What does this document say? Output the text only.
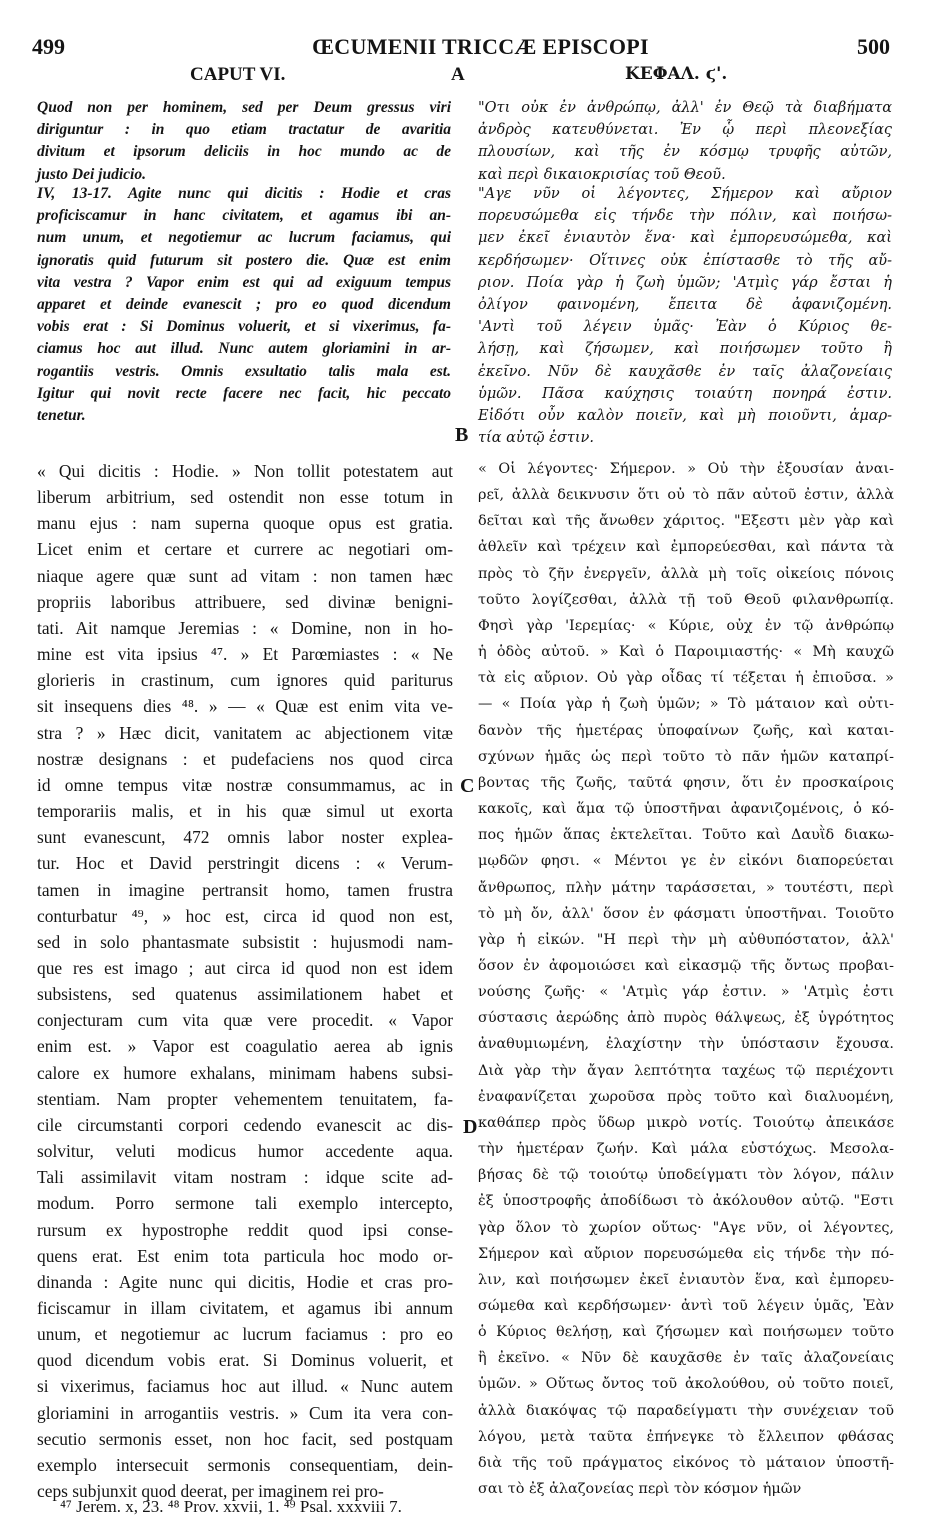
499	ŒCUMENII TRICCÆ EPISCOPI	500
CAPUT VI.	A	ΚΕΦΑΛ. ϛ'.

Quod non per hominem, sed per Deum gressus viri

diriguntur : in quo etiam tractatur de avaritia

divitum et ipsorum deliciis in hoc mundo ac de

justo Dei judicio.

IV, 13-17. Agite nunc qui dicitis : Hodie et cras

proficiscamur in hanc civitatem, et agamus ibi an-

num unum, et negotiemur ac lucrum faciamus, qui

ignoratis quid futurum sit postero die. Quæ est enim

vita vestra ? Vapor enim est qui ad exiguum tempus

apparet et deinde evanescit ; pro eo quod dicendum

vobis erat : Si Dominus voluerit, et si vixerimus, fa-

ciamus hoc aut illud. Nunc autem gloriamini in ar-

rogantiis vestris. Omnis exsultatio talis mala est.

Igitur qui novit recte facere nec facit, hic peccato

tenetur.

« Qui dicitis : Hodie. » Non tollit potestatem aut

liberum arbitrium, sed ostendit non esse totum in

manu ejus : nam superna quoque opus est gratia.

Licet enim et certare et currere ac negotiari om-

niaque agere quæ sunt ad vitam : non tamen hæc

propriis laboribus attribuere, sed divinæ benigni-

tati. Ait namque Jeremias : « Domine, non in ho-

mine est vita ipsius ⁴⁷. » Et Parœmiastes : « Ne

glorieris in crastinum, cum ignores quid pariturus

sit insequens dies ⁴⁸. » — « Quæ est enim vita ve-

stra ? » Hæc dicit, vanitatem ac abjectionem vitæ

nostræ designans : et pudefaciens nos quod circa

id omne tempus vitæ nostræ consummamus, ac in

temporariis malis, et in his quæ simul ut exorta

sunt evanescunt, 472 omnis labor noster explea-

tur. Hoc et David perstringit dicens : « Verum-

tamen in imagine pertransit homo, tamen frustra

conturbatur ⁴⁹, » hoc est, circa id quod non est,

sed in solo phantasmate subsistit : hujusmodi nam-

que res est imago ; aut circa id quod non est idem

subsistens, sed quatenus assimilationem habet et

conjecturam cum vita quæ vere procedit. « Vapor

enim est. » Vapor est coagulatio aerea ab ignis

calore ex humore exhalans, minimam habens subsi-

stentiam. Nam propter vehementem tenuitatem, fa-

cile circumstanti corpori cedendo evanescit ac dis-

solvitur, veluti modicus humor accedente aqua.

Tali assimilavit vitam nostram : idque scite ad-

modum. Porro sermone tali exemplo intercepto,

rursum ex hypostrophe reddit quod ipsi conse-

quens erat. Est enim tota particula hoc modo or-

dinanda : Agite nunc qui dicitis, Hodie et cras pro-

ficiscamur in illam civitatem, et agamus ibi annum

unum, et negotiemur ac lucrum faciamus : pro eo

quod dicendum vobis erat. Si Dominus voluerit, et

si vixerimus, faciamus hoc aut illud. « Nunc autem

gloriamini in arrogantiis vestris. » Cum ita vera con-

secutio sermonis esset, non hoc facit, sed postquam

exemplo intersecuit sermonis consequentiam, dein-

ceps subjunxit quod deerat, per imaginem rei pro-

"Οτι οὐκ ἐν ἀνθρώπῳ, ἀλλ' ἐν Θεῷ τὰ διαβήματα

ἀνδρὸς κατευθύνεται. Ἐν ᾧ περὶ πλεονεξίας

πλουσίων, καὶ τῆς ἐν κόσμῳ τρυφῆς αὐτῶν,

καὶ περὶ δικαιοκρισίας τοῦ Θεοῦ.

"Αγε νῦν οἱ λέγοντες, Σήμερον καὶ αὔριον

πορευσώμεθα εἰς τήνδε τὴν πόλιν, καὶ ποιήσω-

μεν ἐκεῖ ἐνιαυτὸν ἕνα· καὶ ἐμπορευσώμεθα, καὶ

κερδήσωμεν· Οἵτινες οὐκ ἐπίστασθε τὸ τῆς αὔ-

ριον. Ποία γὰρ ἡ ζωὴ ὑμῶν; 'Ατμὶς γάρ ἔσται ἡ

ὀλίγον φαινομένη, ἔπειτα δὲ ἀφανιζομένη.

'Αντὶ τοῦ λέγειν ὑμᾶς· Ἐὰν ὁ Κύριος θε-

λήσῃ, καὶ ζήσωμεν, καὶ ποιήσωμεν τοῦτο ἢ

ἐκεῖνο. Νῦν δὲ καυχᾶσθε ἐν ταῖς ἀλαζονείαις

ὑμῶν. Πᾶσα καύχησις τοιαύτη πονηρά ἐστιν.

Εἰδότι οὖν καλὸν ποιεῖν, καὶ μὴ ποιοῦντι, ἁμαρ-

τία αὐτῷ ἐστιν.

« Οἱ λέγοντες· Σήμερον. » Οὐ τὴν ἐξουσίαν ἀναι-

ρεῖ, ἀλλὰ δεικνυσιν ὅτι οὐ τὸ πᾶν αὐτοῦ ἐστιν, ἀλλὰ

δεῖται καὶ τῆς ἄνωθεν χάριτος. "Εξεστι μὲν γὰρ καὶ

ἀθλεῖν καὶ τρέχειν καὶ ἐμπορεύεσθαι, καὶ πάντα τὰ

πρὸς τὸ ζῆν ἐνεργεῖν, ἀλλὰ μὴ τοῖς οἰκείοις πόνοις

τοῦτο λογίζεσθαι, ἀλλὰ τῇ τοῦ Θεοῦ φιλανθρωπίᾳ.

Φησὶ γὰρ 'Ιερεμίας· « Κύριε, οὐχ ἐν τῷ ἀνθρώπῳ

ἡ ὁδὸς αὐτοῦ. » Καὶ ὁ Παροιμιαστής· « Μὴ καυχῶ

τὰ εἰς αὔριον. Οὐ γὰρ οἶδας τί τέξεται ἡ ἐπιοῦσα. »

— « Ποία γὰρ ἡ ζωὴ ὑμῶν; » Τὸ μάταιον καὶ οὐτι-

δανὸν τῆς ἡμετέρας ὑποφαίνων ζωῆς, καὶ καται-

σχύνων ἡμᾶς ὡς περὶ τοῦτο τὸ πᾶν ἡμῶν καταπρί-

βοντας τῆς ζωῆς, ταῦτά φησιν, ὅτι ἐν προσκαίροις

κακοῖς, καὶ ἅμα τῷ ὑποστῆναι ἀφανιζομένοις, ὁ κό-

πος ἡμῶν ἅπας ἐκτελεῖται. Τοῦτο καὶ Δαυῒδ διακω-

μῳδῶν φησι. « Μέντοι γε ἐν εἰκόνι διαπορεύεται

ἄνθρωπος, πλὴν μάτην ταράσσεται, » τουτέστι, περὶ

τὸ μὴ ὄν, ἀλλ' ὅσον ἐν φάσματι ὑποστῆναι. Τοιοῦτο

γὰρ ἡ εἰκών. "Η περὶ τὴν μὴ αὐθυπόστατον, ἀλλ'

ὅσον ἐν ἀφομοιώσει καὶ εἰκασμῷ τῆς ὄντως προβαι-

νούσης ζωῆς· « 'Ατμὶς γάρ ἐστιν. » 'Ατμὶς ἐστι

σύστασις ἀερώδης ἀπὸ πυρὸς θάλψεως, ἐξ ὑγρότητος

ἀναθυμιωμένη, ἐλαχίστην τὴν ὑπόστασιν ἔχουσα.

Διὰ γὰρ τὴν ἄγαν λεπτότητα ταχέως τῷ περιέχοντι

ἐναφανίζεται χωροῦσα πρὸς τοῦτο καὶ διαλυομένη,

καθάπερ πρὸς ὕδωρ μικρὸ νοτίς. Τοιούτῳ ἀπεικάσε

τὴν ἡμετέραν ζωήν. Καὶ μάλα εὐστόχως. Μεσολα-

βήσας δὲ τῷ τοιούτῳ ὑποδείγματι τὸν λόγον, πάλιν

ἐξ ὑποστροφῆς ἀποδίδωσι τὸ ἀκόλουθον αὐτῷ. "Εστι

γὰρ ὅλον τὸ χωρίον οὕτως· "Αγε νῦν, οἱ λέγοντες,

Σήμερον καὶ αὔριον πορευσώμεθα εἰς τήνδε τὴν πό-

λιν, καὶ ποιήσωμεν ἐκεῖ ἐνιαυτὸν ἕνα, καὶ ἐμπορευ-

σώμεθα καὶ κερδήσωμεν· ἀντὶ τοῦ λέγειν ὑμᾶς, Ἐὰν

ὁ Κύριος θελήσῃ, καὶ ζήσωμεν καὶ ποιήσωμεν τοῦτο

ἢ ἐκεῖνο. « Νῦν δὲ καυχᾶσθε ἐν ταῖς ἀλαζονείαις

ὑμῶν. » Οὕτως ὄντος τοῦ ἀκολούθου, οὐ τοῦτο ποιεῖ,

ἀλλὰ διακόψας τῷ παραδείγματι τὴν συνέχειαν τοῦ

λόγου, μετὰ ταῦτα ἐπήνεγκε τὸ ἔλλειπον φθάσας

διὰ τῆς τοῦ πράγματος εἰκόνος τὸ μάταιον ὑποστῆ-

σαι τὸ ἐξ ἀλαζονείας περὶ τὸν κόσμον ἡμῶν

B
C
D
⁴⁷ Jerem. x, 23. ⁴⁸ Prov. xxvii, 1. ⁴⁹ Psal. xxxviii 7.
